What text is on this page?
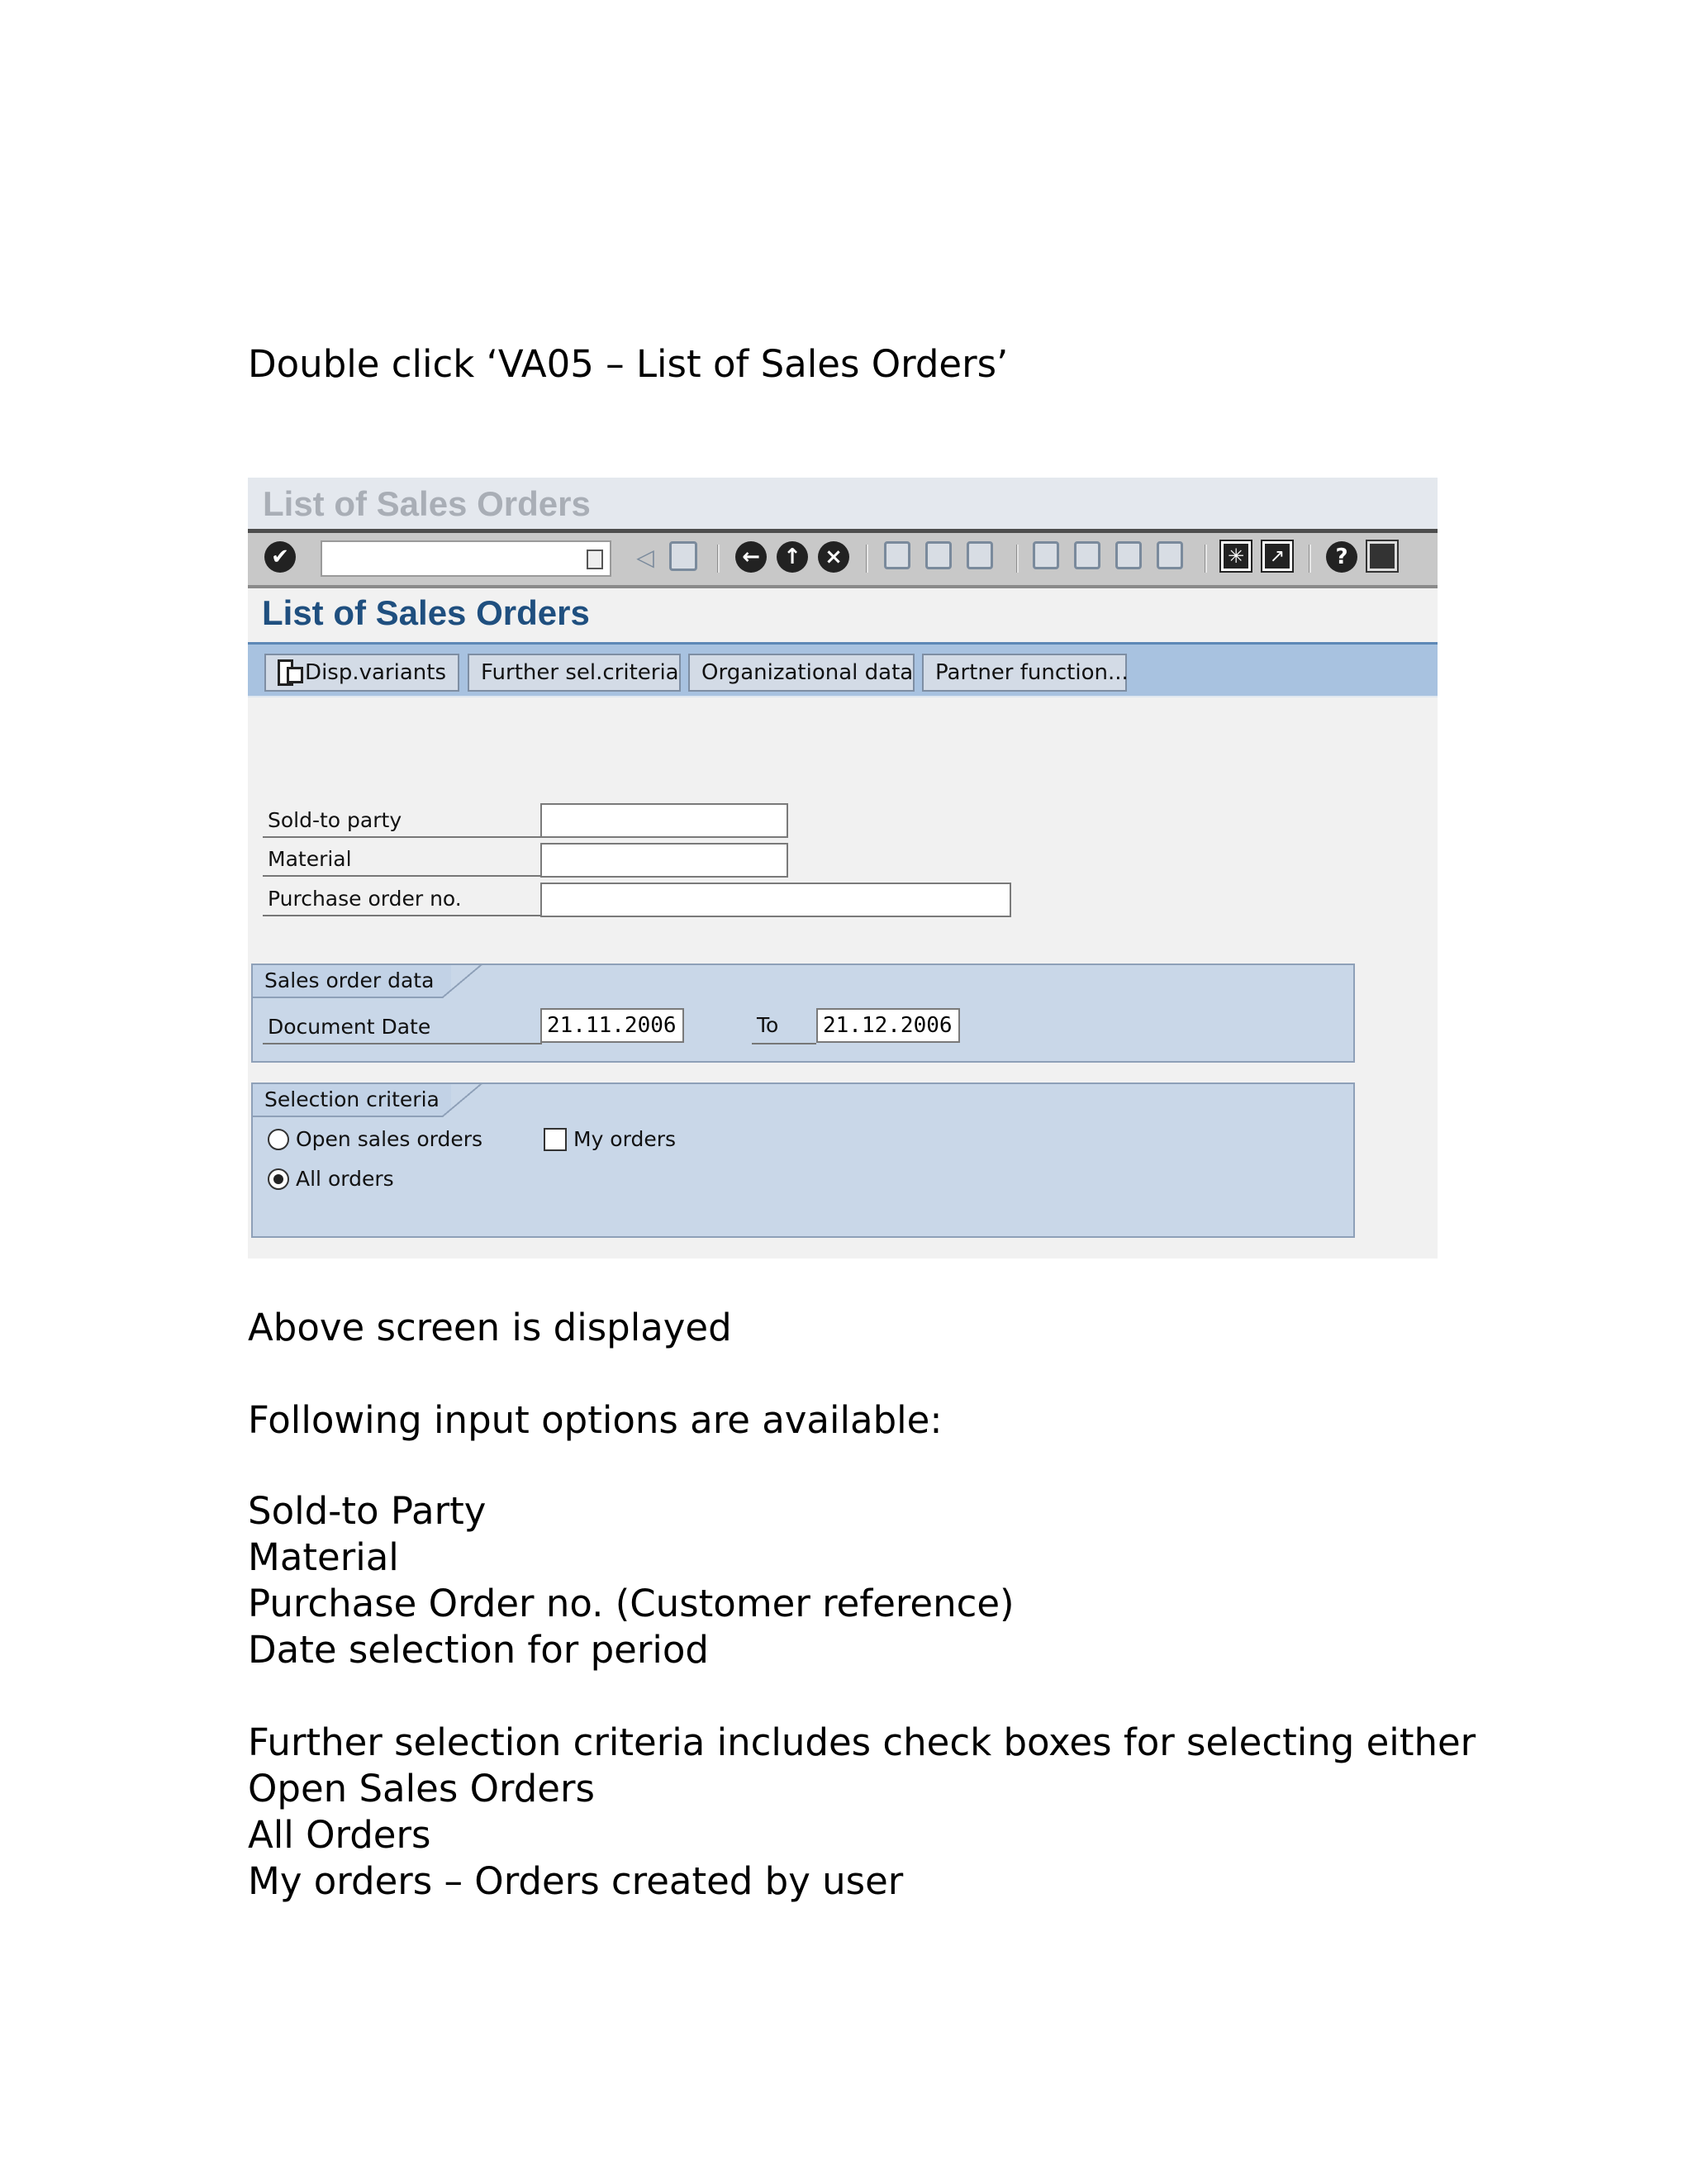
Double click ‘VA05 – List of Sales Orders’
List of Sales Orders
✔	◁	←	↑	×	✳	↗	?
List of Sales Orders
Disp.variants Further sel.criteria Organizational data Partner function...
Sold-to party
Material
Purchase order no.
Sales order data
Document Date	21.11.2006	To	21.12.2006
Selection criteria
Open sales orders	My orders
All orders
Above screen is displayed
Following input options are available:
Sold-to Party
Material
Purchase Order no. (Customer reference)
Date selection for period
Further selection criteria includes check boxes for selecting either
Open Sales Orders
All Orders
My orders – Orders created by user
